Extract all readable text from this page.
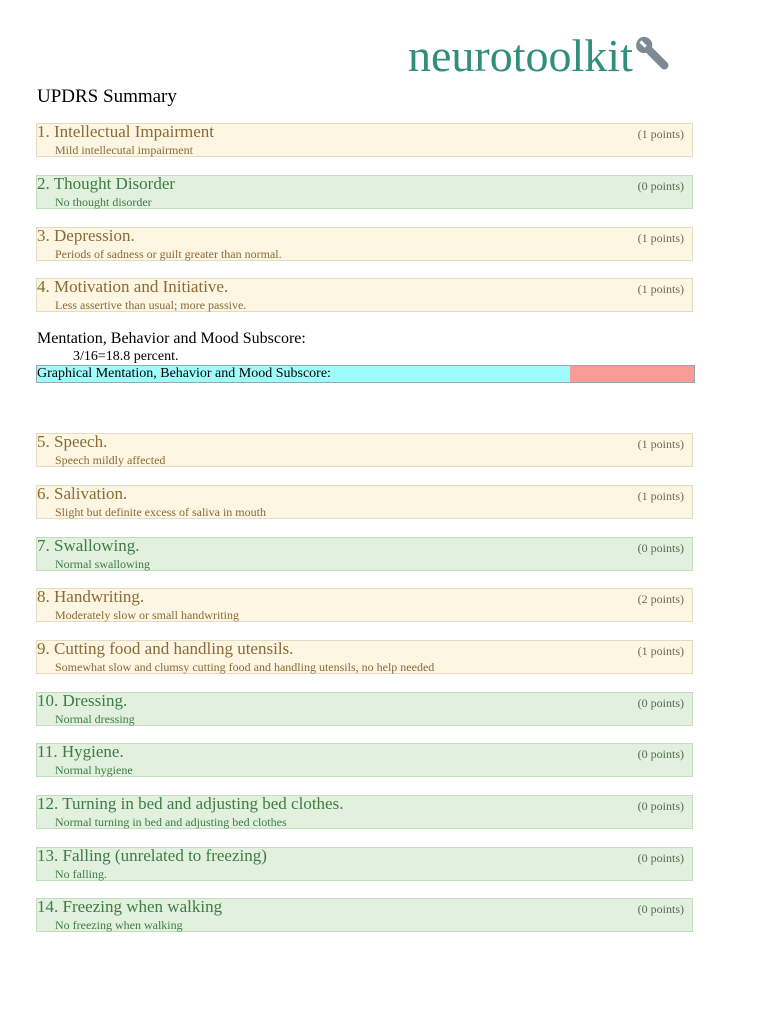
neurotoolkit
UPDRS Summary
1. Intellectual Impairment	(1 points)
Mild intellecutal impairment
2. Thought Disorder	(0 points)
No thought disorder
3. Depression.	(1 points)
Periods of sadness or guilt greater than normal.
4. Motivation and Initiative.	(1 points)
Less assertive than usual; more passive.
Mentation, Behavior and Mood Subscore:
3/16=18.8 percent.
Graphical Mentation, Behavior and Mood Subscore:
5. Speech.	(1 points)
Speech mildly affected
6. Salivation.	(1 points)
Slight but definite excess of saliva in mouth
7. Swallowing.	(0 points)
Normal swallowing
8. Handwriting.	(2 points)
Moderately slow or small handwriting
9. Cutting food and handling utensils.	(1 points)
Somewhat slow and clumsy cutting food and handling utensils, no help needed
10. Dressing.	(0 points)
Normal dressing
11. Hygiene.	(0 points)
Normal hygiene
12. Turning in bed and adjusting bed clothes.	(0 points)
Normal turning in bed and adjusting bed clothes
13. Falling (unrelated to freezing)	(0 points)
No falling.
14. Freezing when walking	(0 points)
No freezing when walking
